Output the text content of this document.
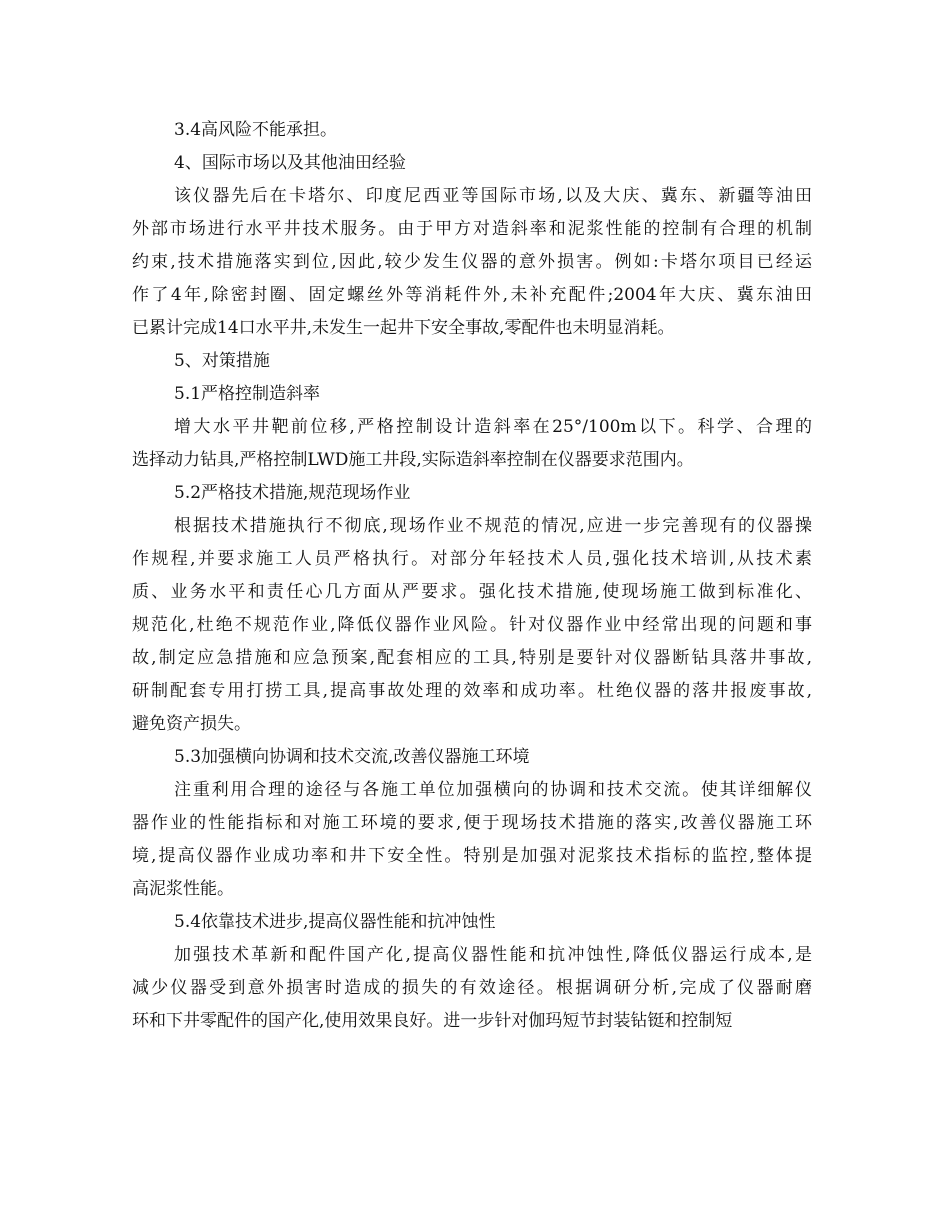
3.4高风险不能承担。
4、国际市场以及其他油田经验
该仪器先后在卡塔尔、印度尼西亚等国际市场,以及大庆、冀东、新疆等油田
外部市场进行水平井技术服务。由于甲方对造斜率和泥浆性能的控制有合理的机制
约束,技术措施落实到位,因此,较少发生仪器的意外损害。例如:卡塔尔项目已经运
作了4年,除密封圈、固定螺丝外等消耗件外,未补充配件;2004年大庆、冀东油田
已累计完成14口水平井,未发生一起井下安全事故,零配件也未明显消耗。
5、对策措施
5.1严格控制造斜率
增大水平井靶前位移,严格控制设计造斜率在25°/100m以下。科学、合理的
选择动力钻具,严格控制LWD施工井段,实际造斜率控制在仪器要求范围内。
5.2严格技术措施,规范现场作业
根据技术措施执行不彻底,现场作业不规范的情况,应进一步完善现有的仪器操
作规程,并要求施工人员严格执行。对部分年轻技术人员,强化技术培训,从技术素
质、业务水平和责任心几方面从严要求。强化技术措施,使现场施工做到标准化、
规范化,杜绝不规范作业,降低仪器作业风险。针对仪器作业中经常出现的问题和事
故,制定应急措施和应急预案,配套相应的工具,特别是要针对仪器断钻具落井事故,
研制配套专用打捞工具,提高事故处理的效率和成功率。杜绝仪器的落井报废事故,
避免资产损失。
5.3加强横向协调和技术交流,改善仪器施工环境
注重利用合理的途径与各施工单位加强横向的协调和技术交流。使其详细解仪
器作业的性能指标和对施工环境的要求,便于现场技术措施的落实,改善仪器施工环
境,提高仪器作业成功率和井下安全性。特别是加强对泥浆技术指标的监控,整体提
高泥浆性能。
5.4依靠技术进步,提高仪器性能和抗冲蚀性
加强技术革新和配件国产化,提高仪器性能和抗冲蚀性,降低仪器运行成本,是
减少仪器受到意外损害时造成的损失的有效途径。根据调研分析,完成了仪器耐磨
环和下井零配件的国产化,使用效果良好。进一步针对伽玛短节封装钻铤和控制短
